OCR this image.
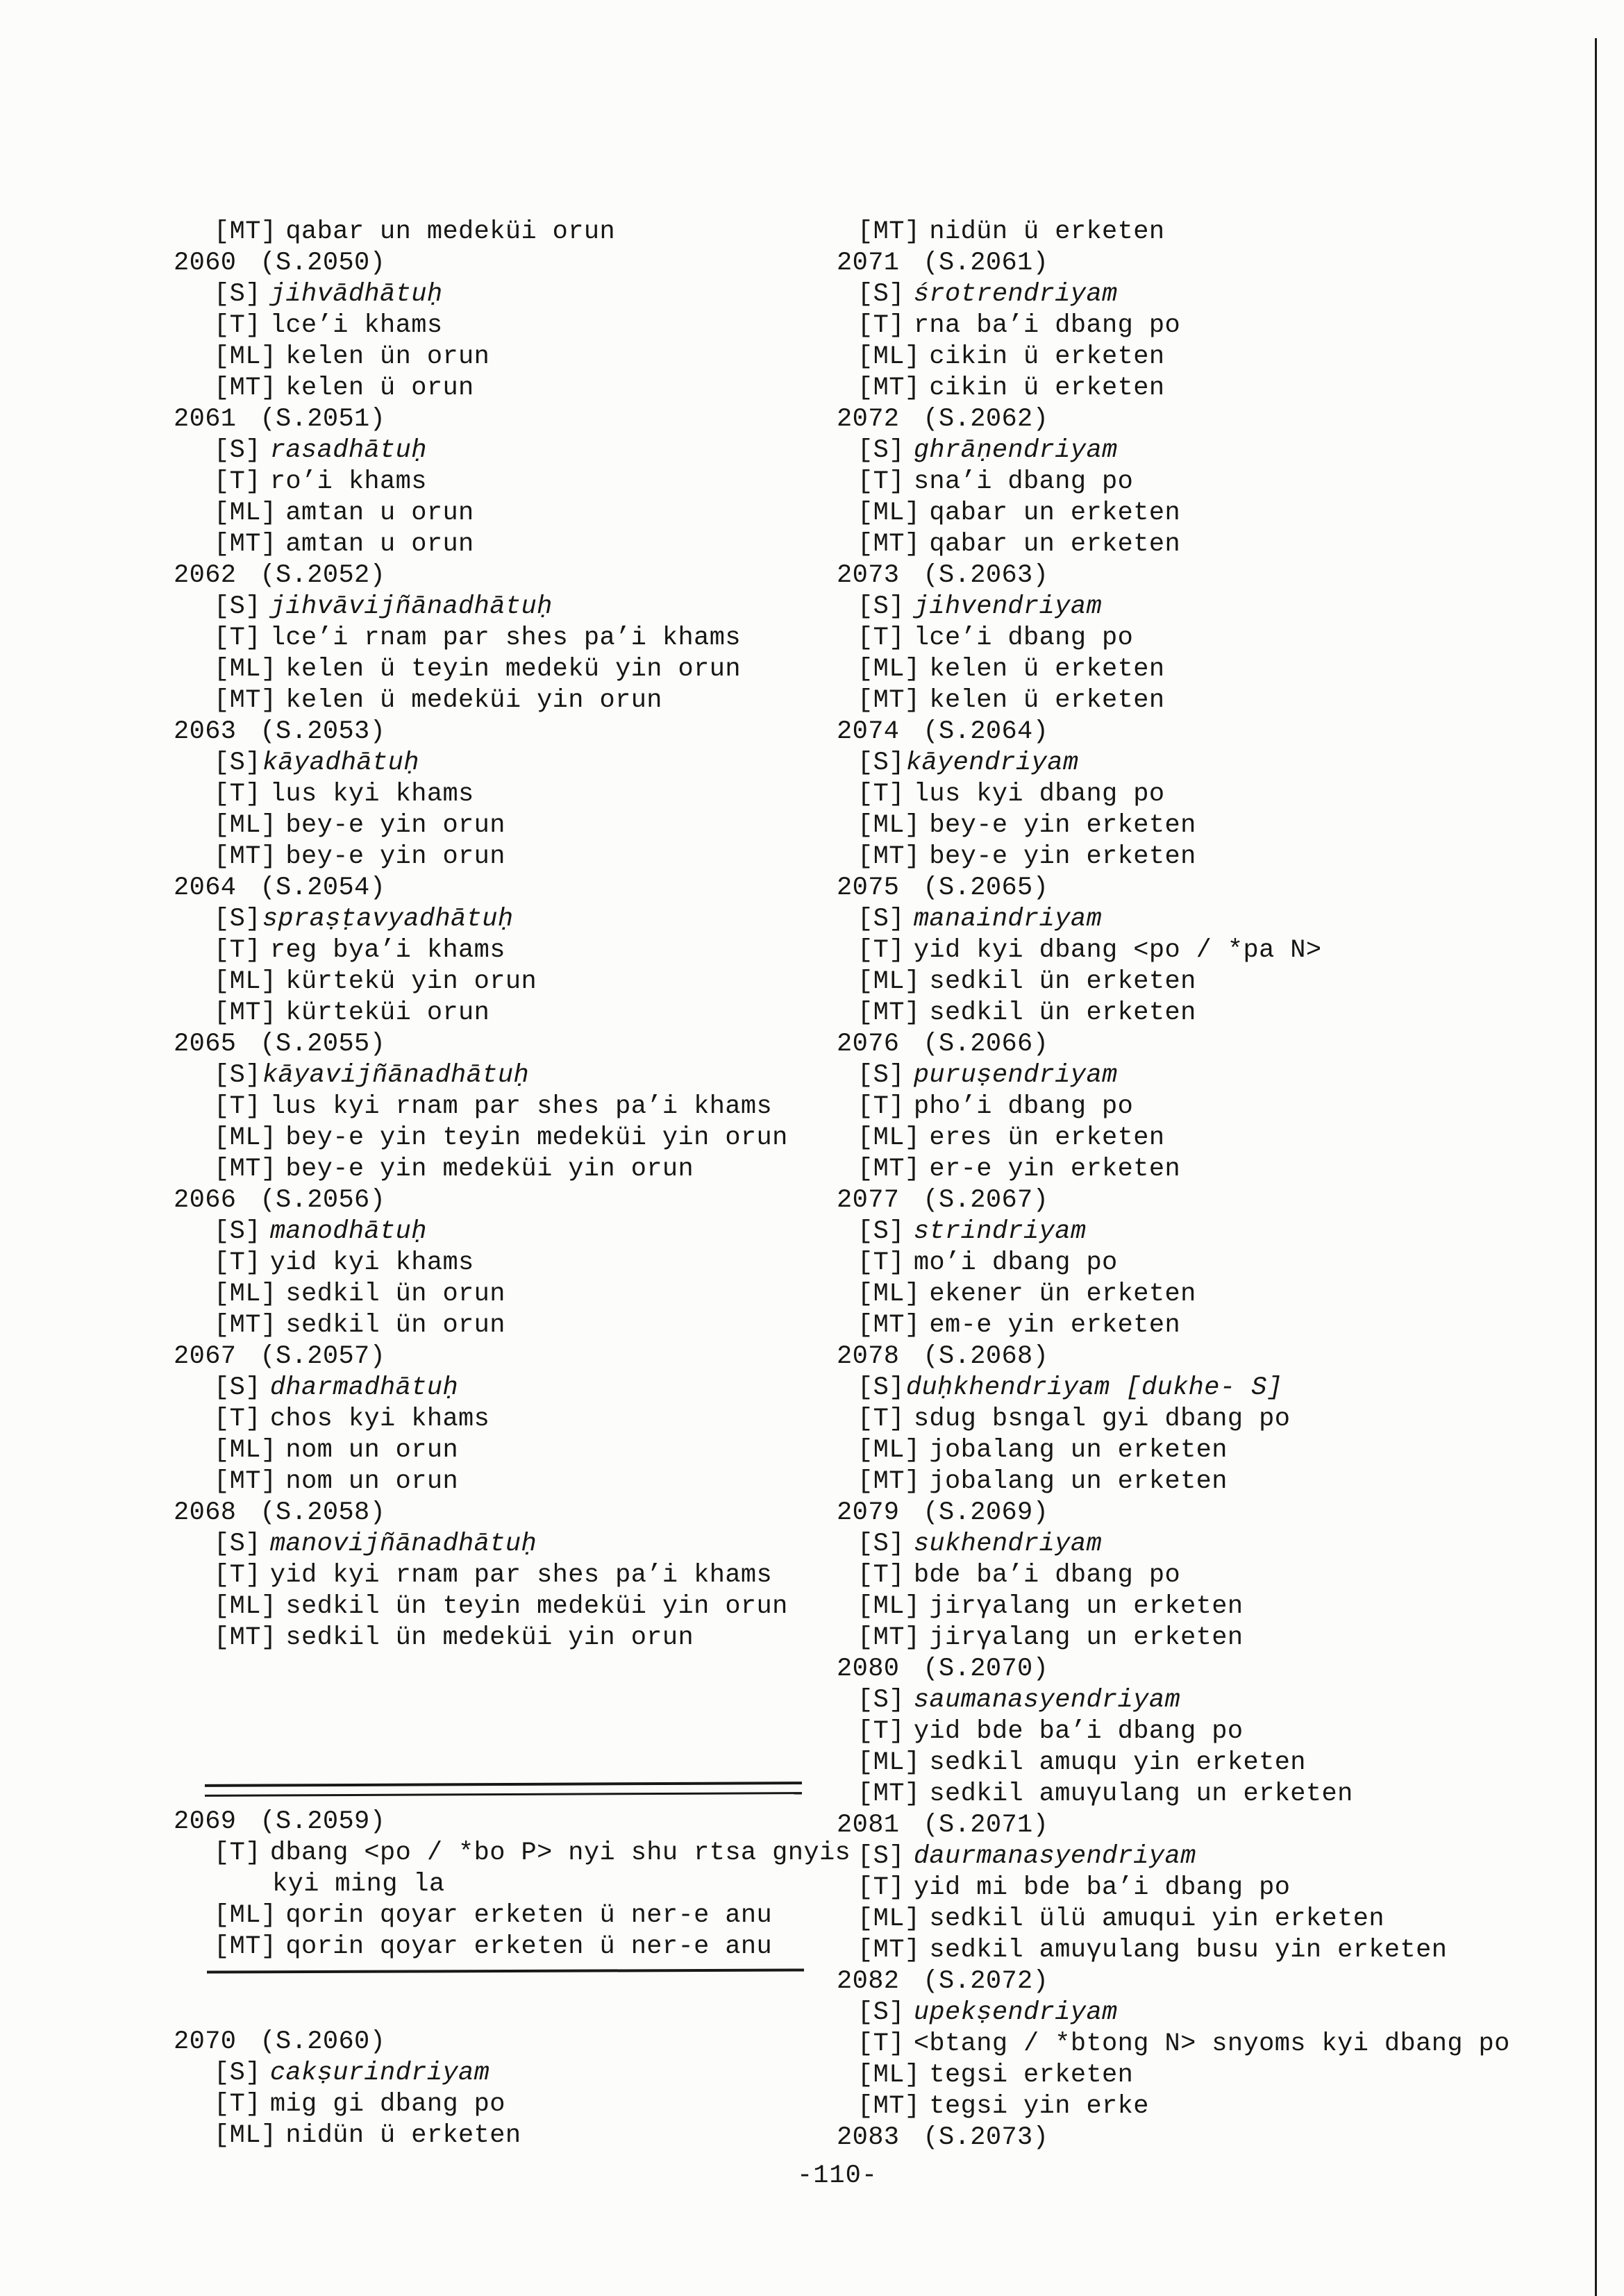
[MT] qabar un medeküi orun
2060 (S.2050)
[S] jihvādhātuḥ
[T] lce’i khams
[ML] kelen ün orun
[MT] kelen ü orun
2061 (S.2051)
[S] rasadhātuḥ
[T] ro’i khams
[ML] amtan u orun
[MT] amtan u orun
2062 (S.2052)
[S] jihvāvijñānadhātuḥ
[T] lce’i rnam par shes pa’i khams
[ML] kelen ü teyin medekü yin orun
[MT] kelen ü medeküi yin orun
2063 (S.2053)
[S]kāyadhātuḥ
[T] lus kyi khams
[ML] bey-e yin orun
[MT] bey-e yin orun
2064 (S.2054)
[S]spraṣṭavyadhātuḥ
[T] reg bya’i khams
[ML] kürtekü yin orun
[MT] kürteküi orun
2065 (S.2055)
[S]kāyavijñānadhātuḥ
[T] lus kyi rnam par shes pa’i khams
[ML] bey-e yin teyin medeküi yin orun
[MT] bey-e yin medeküi yin orun
2066 (S.2056)
[S] manodhātuḥ
[T] yid kyi khams
[ML] sedkil ün orun
[MT] sedkil ün orun
2067 (S.2057)
[S] dharmadhātuḥ
[T] chos kyi khams
[ML] nom un orun
[MT] nom un orun
2068 (S.2058)
[S] manovijñānadhātuḥ
[T] yid kyi rnam par shes pa’i khams
[ML] sedkil ün teyin medeküi yin orun
[MT] sedkil ün medeküi yin orun
2069 (S.2059)
[T] dbang <po / *bo P> nyi shu rtsa gnyis
kyi ming la
[ML] qorin qoyar erketen ü ner-e anu
[MT] qorin qoyar erketen ü ner-e anu
2070 (S.2060)
[S] cakṣurindriyam
[T] mig gi dbang po
[ML] nidün ü erketen
[MT] nidün ü erketen
2071 (S.2061)
[S] śrotrendriyam
[T] rna ba’i dbang po
[ML] cikin ü erketen
[MT] cikin ü erketen
2072 (S.2062)
[S] ghrāṇendriyam
[T] sna’i dbang po
[ML] qabar un erketen
[MT] qabar un erketen
2073 (S.2063)
[S] jihvendriyam
[T] lce’i dbang po
[ML] kelen ü erketen
[MT] kelen ü erketen
2074 (S.2064)
[S]kāyendriyam
[T] lus kyi dbang po
[ML] bey-e yin erketen
[MT] bey-e yin erketen
2075 (S.2065)
[S] manaindriyam
[T] yid kyi dbang <po / *pa N>
[ML] sedkil ün erketen
[MT] sedkil ün erketen
2076 (S.2066)
[S] puruṣendriyam
[T] pho’i dbang po
[ML] eres ün erketen
[MT] er-e yin erketen
2077 (S.2067)
[S] strindriyam
[T] mo’i dbang po
[ML] ekener ün erketen
[MT] em-e yin erketen
2078 (S.2068)
[S]duḥkhendriyam [dukhe- S]
[T] sdug bsngal gyi dbang po
[ML] jobalang un erketen
[MT] jobalang un erketen
2079 (S.2069)
[S] sukhendriyam
[T] bde ba’i dbang po
[ML] jirγalang un erketen
[MT] jirγalang un erketen
2080 (S.2070)
[S] saumanasyendriyam
[T] yid bde ba’i dbang po
[ML] sedkil amuqu yin erketen
[MT] sedkil amuγulang un erketen
2081 (S.2071)
[S] daurmanasyendriyam
[T] yid mi bde ba’i dbang po
[ML] sedkil ülü amuqui yin erketen
[MT] sedkil amuγulang busu yin erketen
2082 (S.2072)
[S] upekṣendriyam
[T] <btang / *btong N> snyoms kyi dbang po
[ML] tegsi erketen
[MT] tegsi yin erke
2083 (S.2073)
-110-
